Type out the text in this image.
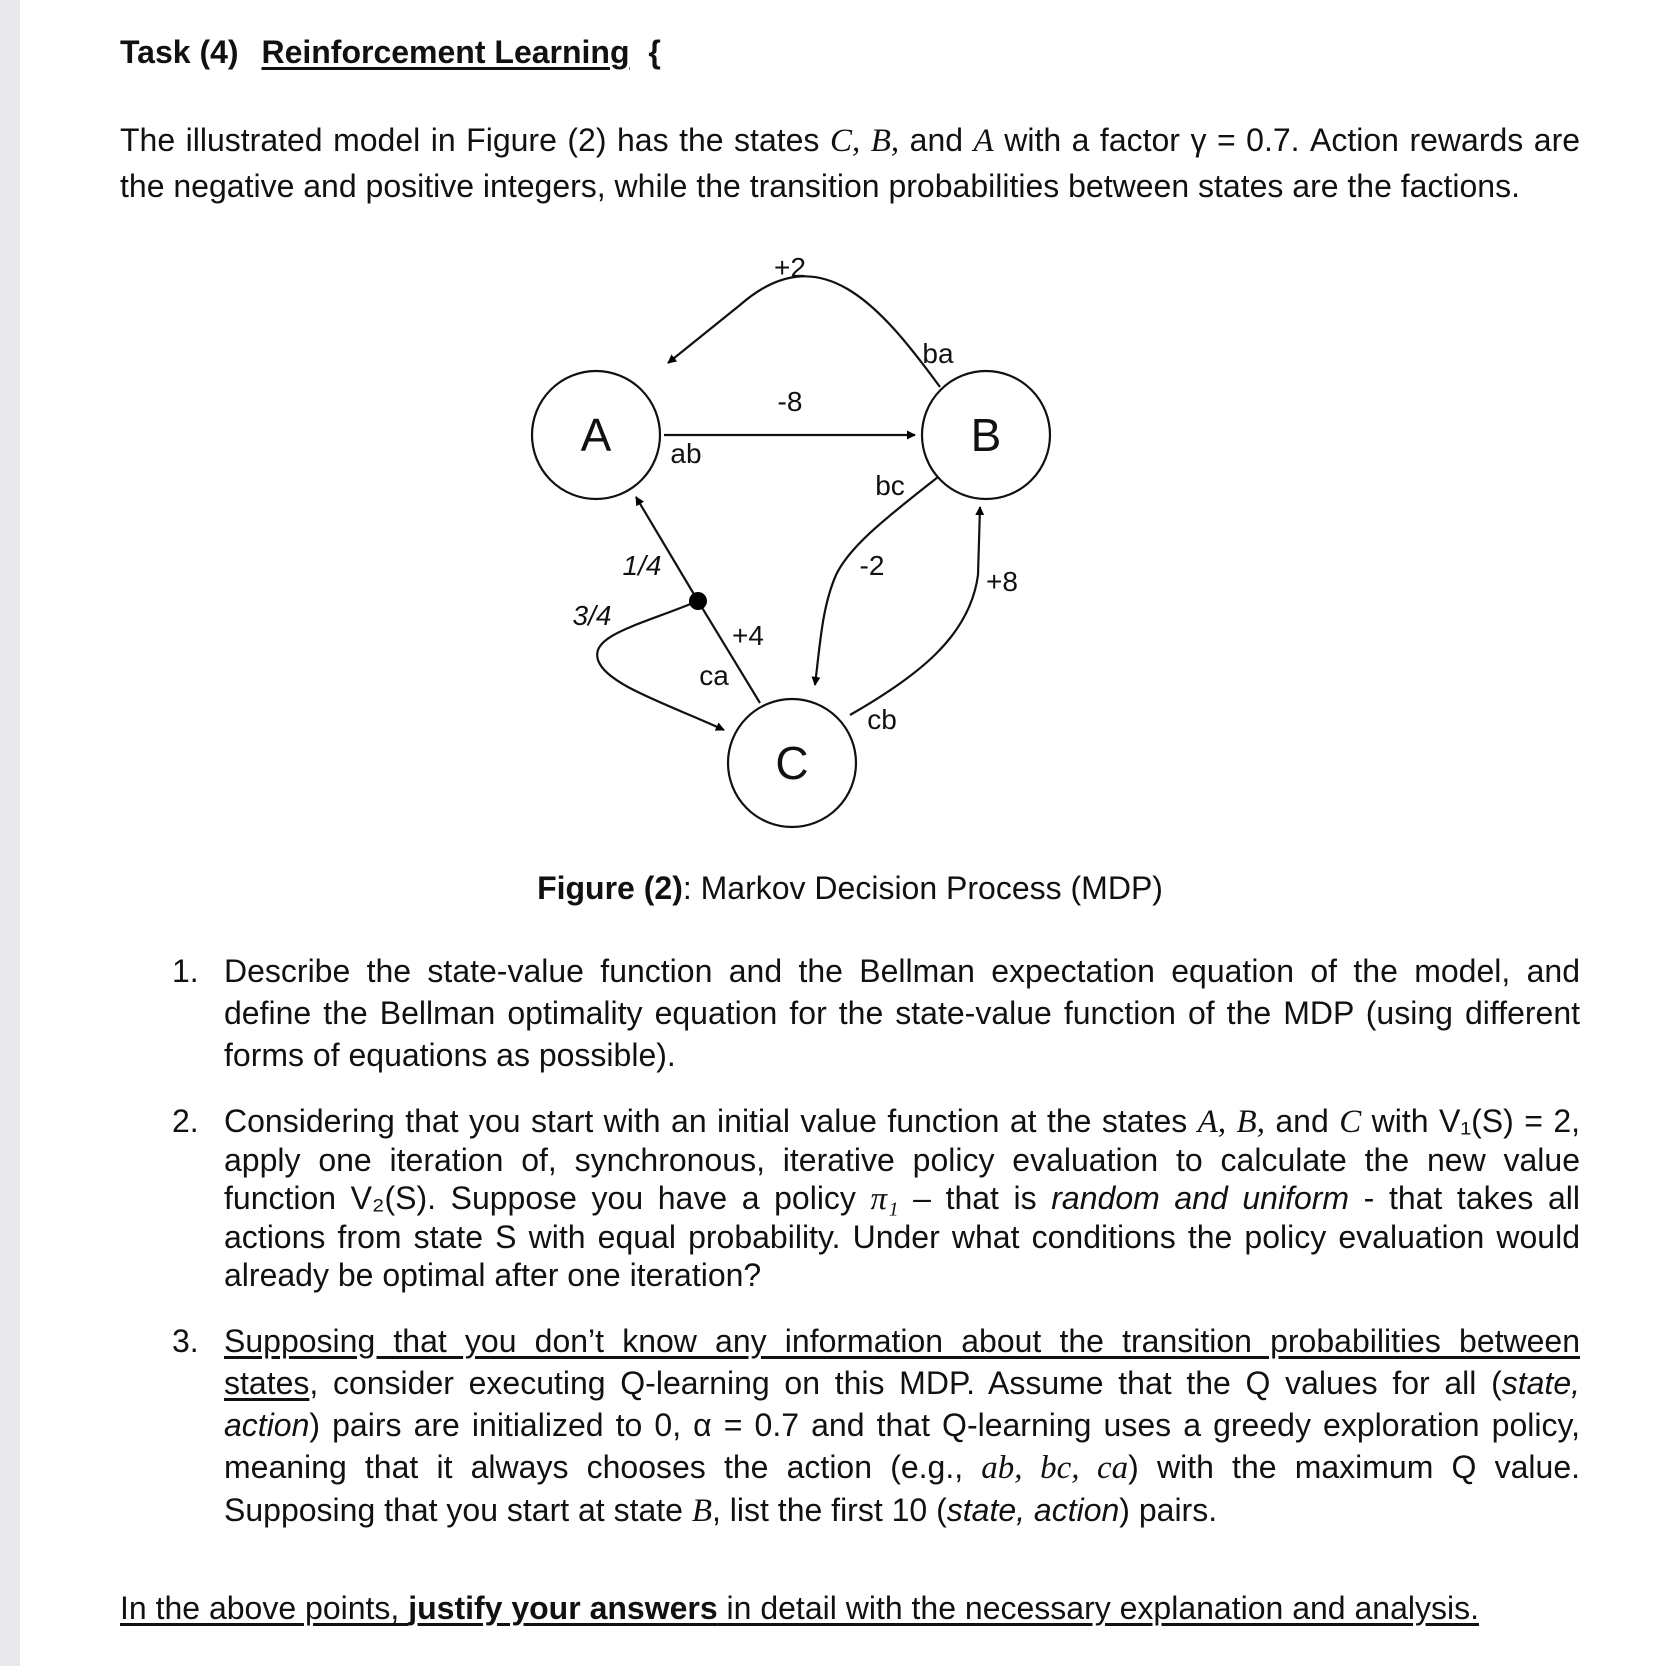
Task (4) Reinforcement Learning {
The illustrated model in Figure (2) has the states C, B, and A with a factor γ = 0.7. Action rewards are the negative and positive integers, while the transition probabilities between states are the factions.
A	B
C
+2
ba
-8
ab
bc
-2
+8
cb
+4
ca
1/4
3/4
Figure (2): Markov Decision Process (MDP)
1. Describe the state-value function and the Bellman expectation equation of the model, and define the Bellman optimality equation for the state-value function of the MDP (using different forms of equations as possible).
2. Considering that you start with an initial value function at the states A, B, and C with V₁(S) = 2, apply one iteration of, synchronous, iterative policy evaluation to calculate the new value function V₂(S). Suppose you have a policy π₁ – that is random and uniform - that takes all actions from state S with equal probability. Under what conditions the policy evaluation would already be optimal after one iteration?
3. Supposing that you don’t know any information about the transition probabilities between states, consider executing Q-learning on this MDP. Assume that the Q values for all (state, action) pairs are initialized to 0, α = 0.7 and that Q-learning uses a greedy exploration policy, meaning that it always chooses the action (e.g., ab, bc, ca) with the maximum Q value. Supposing that you start at state B, list the first 10 (state, action) pairs.
In the above points, justify your answers in detail with the necessary explanation and analysis.
